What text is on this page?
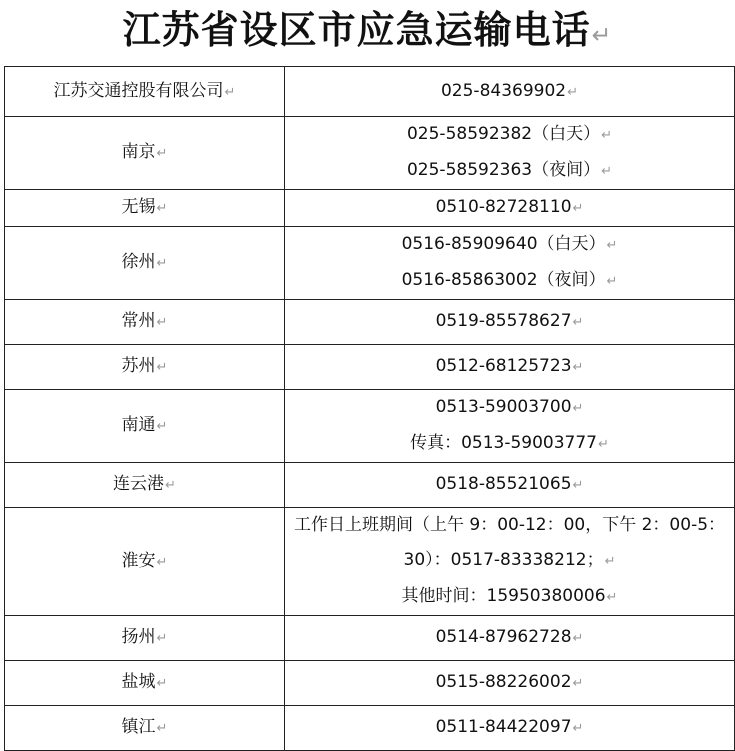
江苏省设区市应急运输电话↵
江苏交通控股有限公司↵	025-84369902↵

南京↵	025-58592382（白天）↵
025-58592363（夜间）↵

无锡↵	0510-82728110↵

徐州↵	0516-85909640（白天）↵
0516-85863002（夜间）↵

常州↵	0519-85578627↵

苏州↵	0512-68125723↵

南通↵	0513-59003700↵
传真：0513-59003777↵

连云港↵	0518-85521065↵

淮安↵	工作日上班期间（上午 9：00-12：00，下午 2：00-5：30）：0517-83338212；↵
其他时间：15950380006↵

扬州↵	0514-87962728↵

盐城↵	0515-88226002↵

镇江↵	0511-84422097↵
